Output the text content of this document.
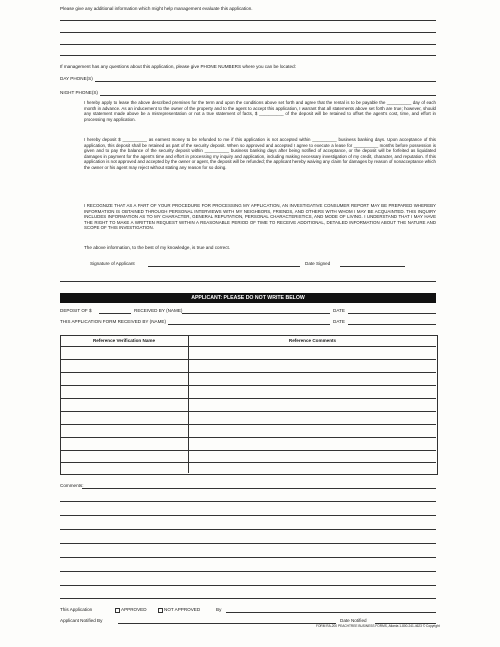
Please give any additional information which might help management evaluate this application.
If management has any questions about this application, please give PHONE NUMBERS where you can be located:
DAY PHONE(S)
NIGHT PHONE(S)
I hereby apply to lease the above described premises for the term and upon the conditions above set forth and agree that the rental is to be payable the __________ day of each month in advance. As an inducement to the owner of the property and to the agent to accept this application, I warrant that all statements above set forth are true; however, should any statement made above be a misrepresentation or not a true statement of facts, $ __________ of the deposit will be retained to offset the agent's cost, time, and effort in processing my application.
I hereby deposit $ __________ as earnest money to be refunded to me if this application is not accepted within __________ business banking days. Upon acceptance of this application, this deposit shall be retained as part of the security deposit. When so approved and accepted I agree to execute a lease for __________ months before possession is given and to pay the balance of the security deposit within __________ business banking days after being notified of acceptance, or the deposit will be forfeited as liquidated damages in payment for the agent's time and effort in processing my inquiry and application, including making necessary investigation of my credit, character, and reputation. If this application is not approved and accepted by the owner or agent, the deposit will be refunded; the applicant hereby waiving any claim for damages by reason of nonacceptance which the owner or his agent may reject without stating any reason for so doing.
I RECOGNIZE THAT AS A PART OF YOUR PROCEDURE FOR PROCESSING MY APPLICATION, AN INVESTIGATIVE CONSUMER REPORT MAY BE PREPARED WHEREBY INFORMATION IS OBTAINED THROUGH PERSONAL INTERVIEWS WITH MY NEIGHBORS, FRIENDS, AND OTHERS WITH WHOM I MAY BE ACQUAINTED. THIS INQUIRY INCLUDES INFORMATION AS TO MY CHARACTER, GENERAL REPUTATION, PERSONAL CHARACTERISTICS, AND MODE OF LIVING. I UNDERSTAND THAT I MAY HAVE THE RIGHT TO MAKE A WRITTEN REQUEST WITHIN A REASONABLE PERIOD OF TIME TO RECEIVE ADDITIONAL, DETAILED INFORMATION ABOUT THE NATURE AND SCOPE OF THIS INVESTIGATION.
The above information, to the best of my knowledge, is true and correct.
Signature of Applicant	Date Signed
APPLICANT: PLEASE DO NOT WRITE BELOW
DEPOSIT OF $	RECEIVED BY (NAME)	DATE
THIS APPLICATION FORM RECEIVED BY (NAME)	DATE
Reference Verification Name	Reference Comments
Comments:
This Application	APPROVED	NOT APPROVED	By
Applicant Notified By	Date Notified
FORM RA-200 PEACHTREE BUSINESS FORMS, Atlanta 1-800-241-4623 © Copyright
